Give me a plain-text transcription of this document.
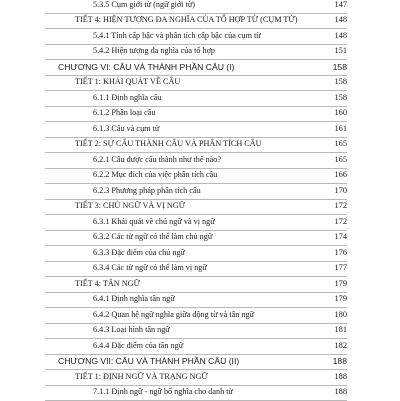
5.3.5 Cụm giới từ (ngữ giới từ)	147
TIẾT 4: HIỆN TƯỢNG ĐA NGHĨA CỦA TỔ HỢP TỪ (CỤM TỪ)	148
5.4.1 Tính cấp bậc và phân tích cấp bậc của cụm từ	148
5.4.2 Hiện tượng đa nghĩa của tổ hợp	151
CHƯƠNG VI: CÂU VÀ THÀNH PHẦN CÂU (I)	158
TIẾT 1: KHÁI QUÁT VỀ CÂU	158
6.1.1 Định nghĩa câu	158
6.1.2 Phân loại câu	160
6.1.3 Câu và cụm từ	161
TIẾT 2: SỰ CẤU THÀNH CÂU VÀ PHÂN TÍCH CÂU	165
6.2.1 Câu được cấu thành như thế nào?	165
6.2.2 Mục đích của việc phân tích câu	166
6.2.3 Phương pháp phân tích câu	170
TIẾT 3: CHỦ NGỮ VÀ VỊ NGỮ	172
6.3.1 Khái quát về chủ ngữ và vị ngữ	172
6.3.2 Các từ ngữ có thể làm chủ ngữ	174
6.3.3 Đặc điểm của chủ ngữ	176
6.3.4 Các từ ngữ có thể làm vị ngữ	177
TIẾT 4: TÂN NGỮ	179
6.4.1 Định nghĩa tân ngữ	179
6.4.2 Quan hệ ngữ nghĩa giữa động từ và tân ngữ	180
6.4.3 Loại hình tân ngữ	181
6.4.4 Đặc điểm của tân ngữ	182
CHƯƠNG VII: CÂU VÀ THÀNH PHẦN CÂU (II)	188
TIẾT 1: ĐỊNH NGỮ VÀ TRẠNG NGỮ	188
7.1.1 Định ngữ - ngữ bổ nghĩa cho danh từ	188
